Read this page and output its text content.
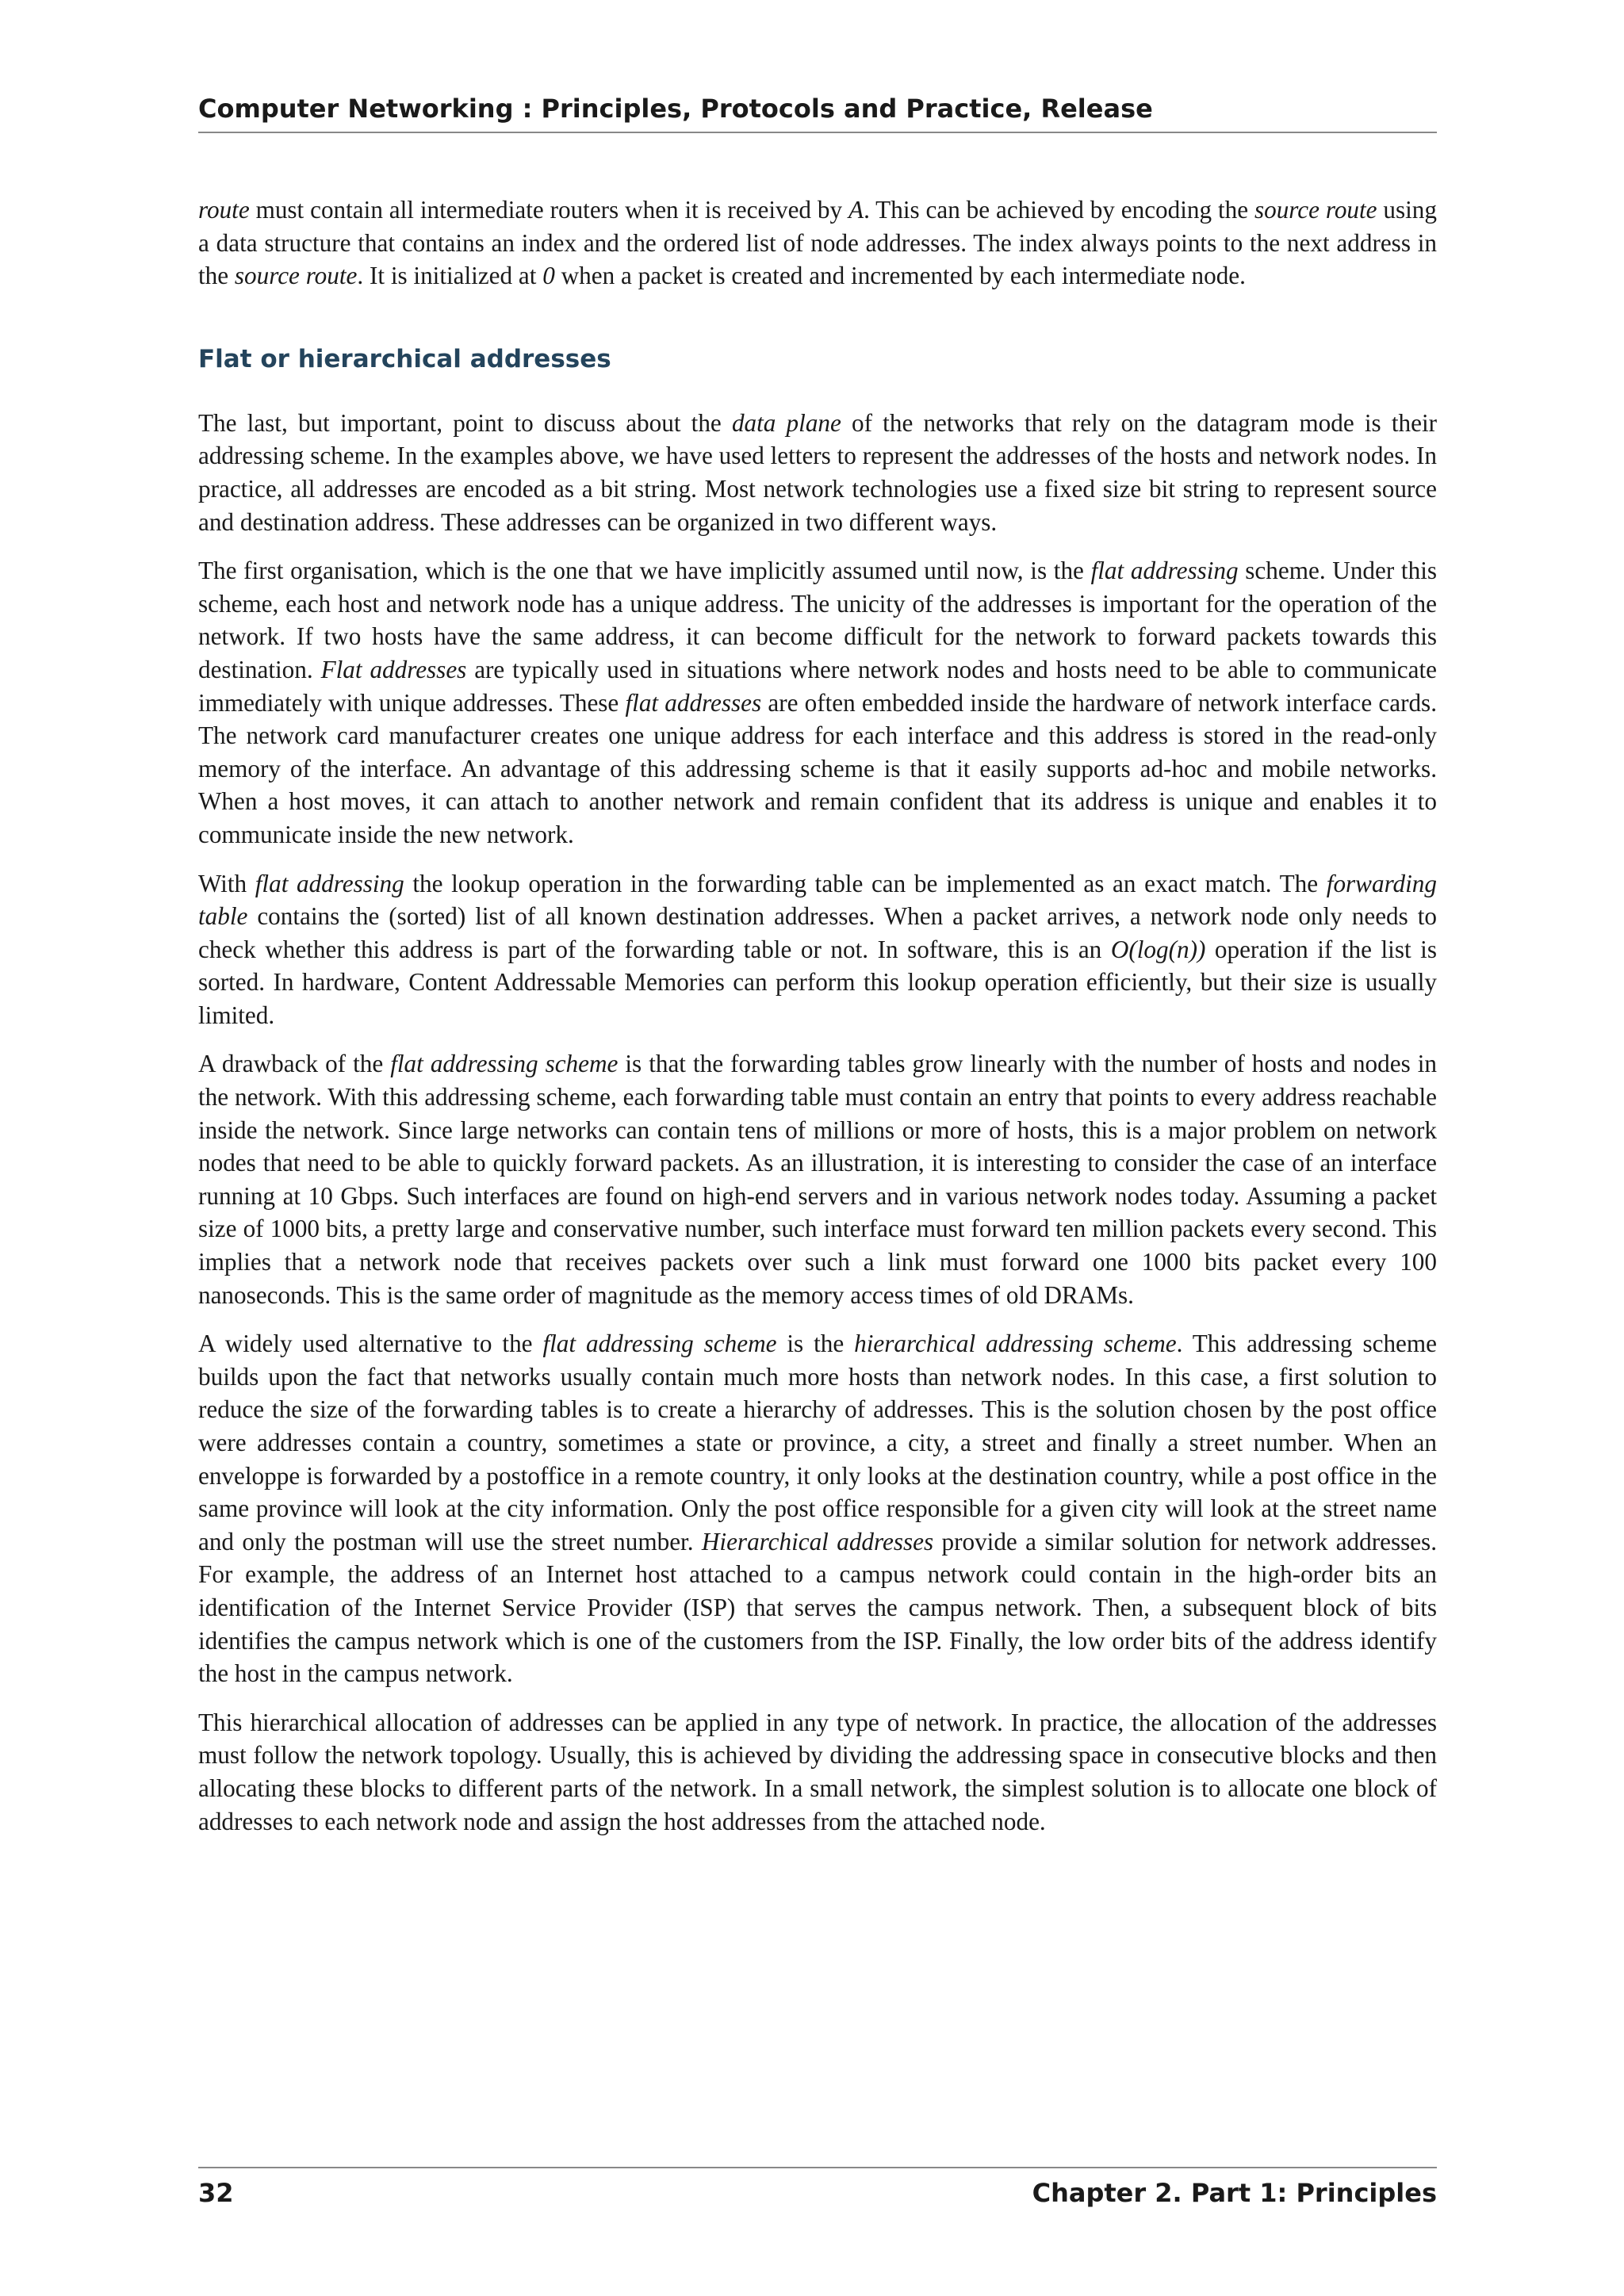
Computer Networking : Principles, Protocols and Practice, Release

route must contain all intermediate routers when it is received by A. This can be achieved by encoding the source route using a data structure that contains an index and the ordered list of node addresses. The index always points to the next address in the source route. It is initialized at 0 when a packet is created and incremented by each intermediate node.

Flat or hierarchical addresses

The last, but important, point to discuss about the data plane of the networks that rely on the datagram mode is their addressing scheme. In the examples above, we have used letters to represent the addresses of the hosts and network nodes. In practice, all addresses are encoded as a bit string. Most network technologies use a fixed size bit string to represent source and destination address. These addresses can be organized in two different ways.

The first organisation, which is the one that we have implicitly assumed until now, is the flat addressing scheme. Under this scheme, each host and network node has a unique address. The unicity of the addresses is important for the operation of the network. If two hosts have the same address, it can become difficult for the network to forward packets towards this destination. Flat addresses are typically used in situations where network nodes and hosts need to be able to communicate immediately with unique addresses. These flat addresses are often embedded inside the hardware of network interface cards. The network card manufacturer creates one unique address for each interface and this address is stored in the read-only memory of the interface. An advantage of this addressing scheme is that it easily supports ad-hoc and mobile networks. When a host moves, it can attach to another network and remain confident that its address is unique and enables it to communicate inside the new network.

With flat addressing the lookup operation in the forwarding table can be implemented as an exact match. The forwarding table contains the (sorted) list of all known destination addresses. When a packet arrives, a network node only needs to check whether this address is part of the forwarding table or not. In software, this is an O(log(n)) operation if the list is sorted. In hardware, Content Addressable Memories can perform this lookup operation efficiently, but their size is usually limited.

A drawback of the flat addressing scheme is that the forwarding tables grow linearly with the number of hosts and nodes in the network. With this addressing scheme, each forwarding table must contain an entry that points to every address reachable inside the network. Since large networks can contain tens of millions or more of hosts, this is a major problem on network nodes that need to be able to quickly forward packets. As an illustration, it is interesting to consider the case of an interface running at 10 Gbps. Such interfaces are found on high-end servers and in various network nodes today. Assuming a packet size of 1000 bits, a pretty large and conservative number, such interface must forward ten million packets every second. This implies that a network node that receives packets over such a link must forward one 1000 bits packet every 100 nanoseconds. This is the same order of magnitude as the memory access times of old DRAMs.

A widely used alternative to the flat addressing scheme is the hierarchical addressing scheme. This addressing scheme builds upon the fact that networks usually contain much more hosts than network nodes. In this case, a first solution to reduce the size of the forwarding tables is to create a hierarchy of addresses. This is the solution chosen by the post office were addresses contain a country, sometimes a state or province, a city, a street and finally a street number. When an enveloppe is forwarded by a postoffice in a remote country, it only looks at the destination country, while a post office in the same province will look at the city information. Only the post office responsible for a given city will look at the street name and only the postman will use the street number. Hierarchical addresses provide a similar solution for network addresses. For example, the address of an Internet host attached to a campus network could contain in the high-order bits an identification of the Internet Service Provider (ISP) that serves the campus network. Then, a subsequent block of bits identifies the campus network which is one of the customers from the ISP. Finally, the low order bits of the address identify the host in the campus network.

This hierarchical allocation of addresses can be applied in any type of network. In practice, the allocation of the addresses must follow the network topology. Usually, this is achieved by dividing the addressing space in consecutive blocks and then allocating these blocks to different parts of the network. In a small network, the simplest solution is to allocate one block of addresses to each network node and assign the host addresses from the attached node.

32	Chapter 2. Part 1: Principles
